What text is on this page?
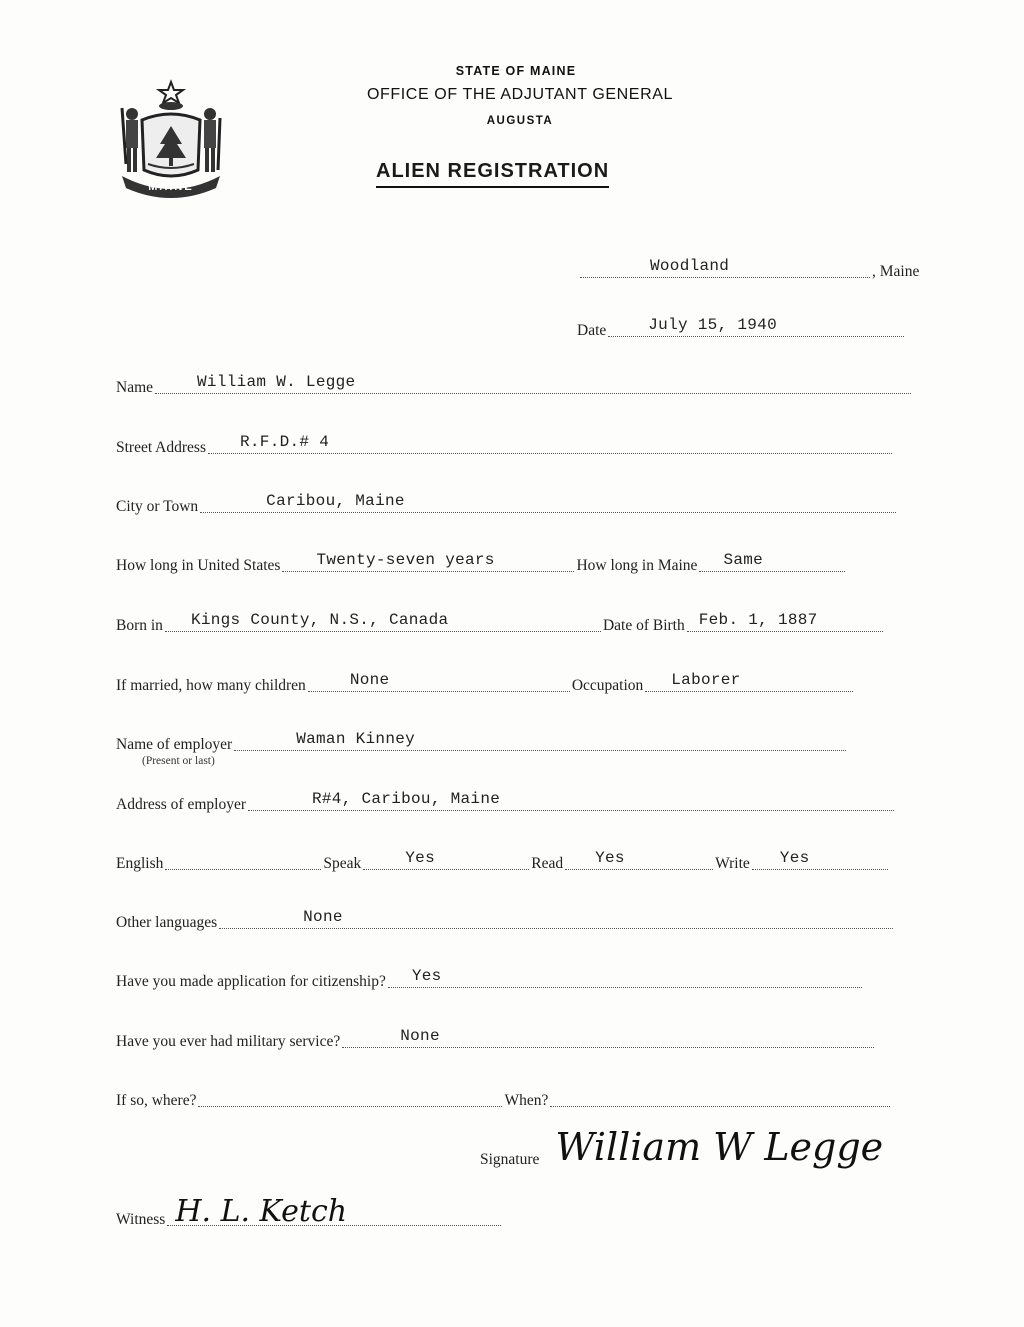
MAINE
STATE OF MAINE
OFFICE OF THE ADJUTANT GENERAL
AUGUSTA
ALIEN REGISTRATION
Woodland	, Maine
Date	July 15, 1940
Name	William W. Legge
Street Address R.F.D.# 4
City or Town	Caribou, Maine
How long in United States Twenty-seven years	How long in Maine Same
Born in Kings County, N.S., Canada	Date of Birth Feb. 1, 1887
If married, how many children	None	Occupation Laborer
Name of employer	Waman Kinney
(Present or last)
Address of employer	R#4, Caribou, Maine
English	Speak	Yes	Read Yes	Write Yes
Other languages	None
Have you made application for citizenship? Yes
Have you ever had military service?	None
If so, where?	When?
Signature William W Legge
Witness H. L. Ketch
